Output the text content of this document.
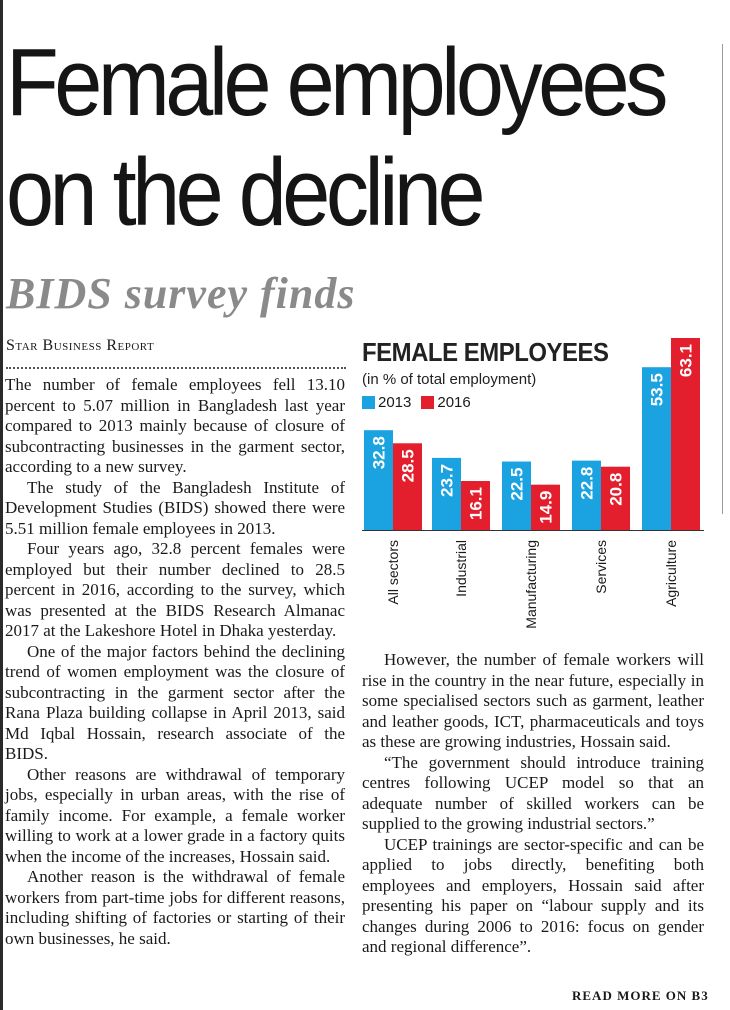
Female employees
on the decline
BIDS survey finds
Star Business Report

The number of female employees fell 13.10 percent to 5.07 million in Bangladesh last year compared to 2013 mainly because of closure of subcontracting businesses in the garment sector, according to a new survey.

The study of the Bangladesh Institute of Development Studies (BIDS) showed there were 5.51 million female employees in 2013.

Four years ago, 32.8 percent females were employed but their number declined to 28.5 percent in 2016, according to the survey, which was presented at the BIDS Research Almanac 2017 at the Lakeshore Hotel in Dhaka yesterday.

One of the major factors behind the declining trend of women employment was the closure of subcontracting in the garment sector after the Rana Plaza building collapse in April 2013, said Md Iqbal Hossain, research associate of the BIDS.

Other reasons are withdrawal of temporary jobs, especially in urban areas, with the rise of family income. For example, a female worker willing to work at a lower grade in a factory quits when the income of the increases, Hossain said.

Another reason is the withdrawal of female workers from part-time jobs for different reasons, including shifting of factories or starting of their own businesses, he said.

FEMALE EMPLOYEES
(in % of total employment)
2013 2016
32.8 28.5
All sectors
23.7
16.1
Industrial
22.5
14.9
Manufacturing
22.8 20.8
Services
53.5
63.1
Agriculture

However, the number of female workers will rise in the country in the near future, especially in some specialised sectors such as garment, leather and leather goods, ICT, pharmaceuticals and toys as these are growing industries, Hossain said.

“The government should introduce training centres following UCEP model so that an adequate number of skilled workers can be supplied to the growing industrial sectors.”

UCEP trainings are sector-specific and can be applied to jobs directly, benefiting both employees and employers, Hossain said after presenting his paper on “labour supply and its changes during 2006 to 2016: focus on gender and regional difference”.

READ MORE ON B3
